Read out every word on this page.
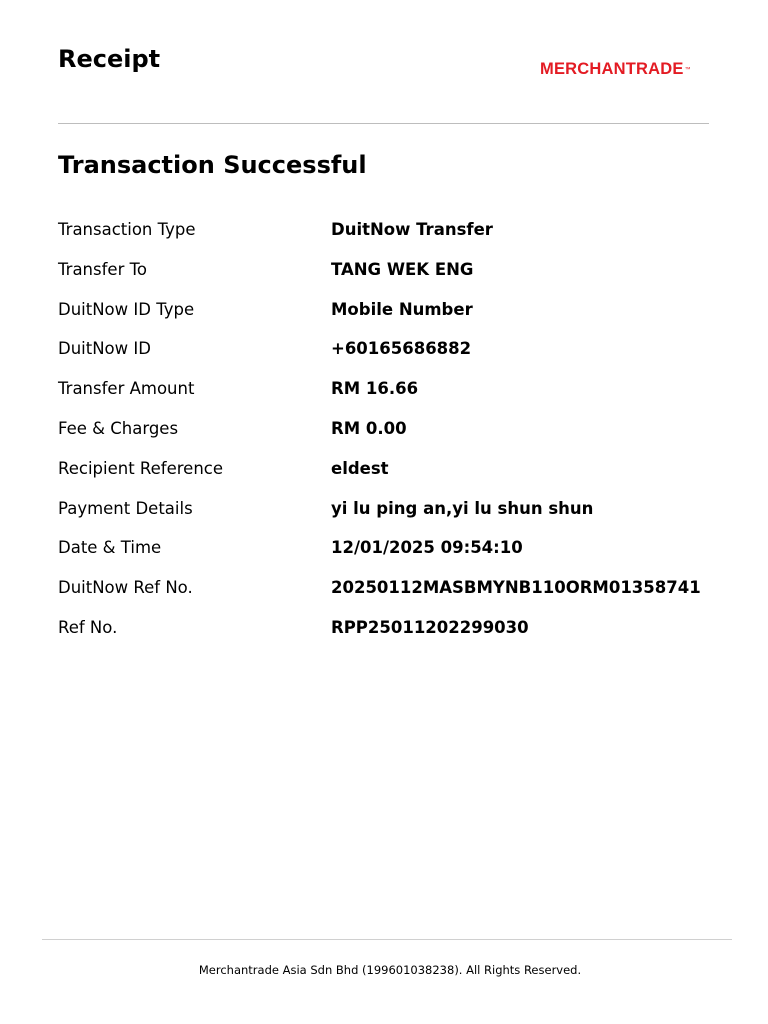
Receipt	MERCHANTRADE™
Transaction Successful
Transaction Type	DuitNow Transfer
Transfer To	TANG WEK ENG
DuitNow ID Type	Mobile Number
DuitNow ID	+60165686882
Transfer Amount	RM 16.66
Fee & Charges	RM 0.00
Recipient Reference	eldest
Payment Details	yi lu ping an,yi lu shun shun
Date & Time	12/01/2025 09:54:10
DuitNow Ref No.	20250112MASBMYNB110ORM01358741
Ref No.	RPP25011202299030
Merchantrade Asia Sdn Bhd (199601038238). All Rights Reserved.
